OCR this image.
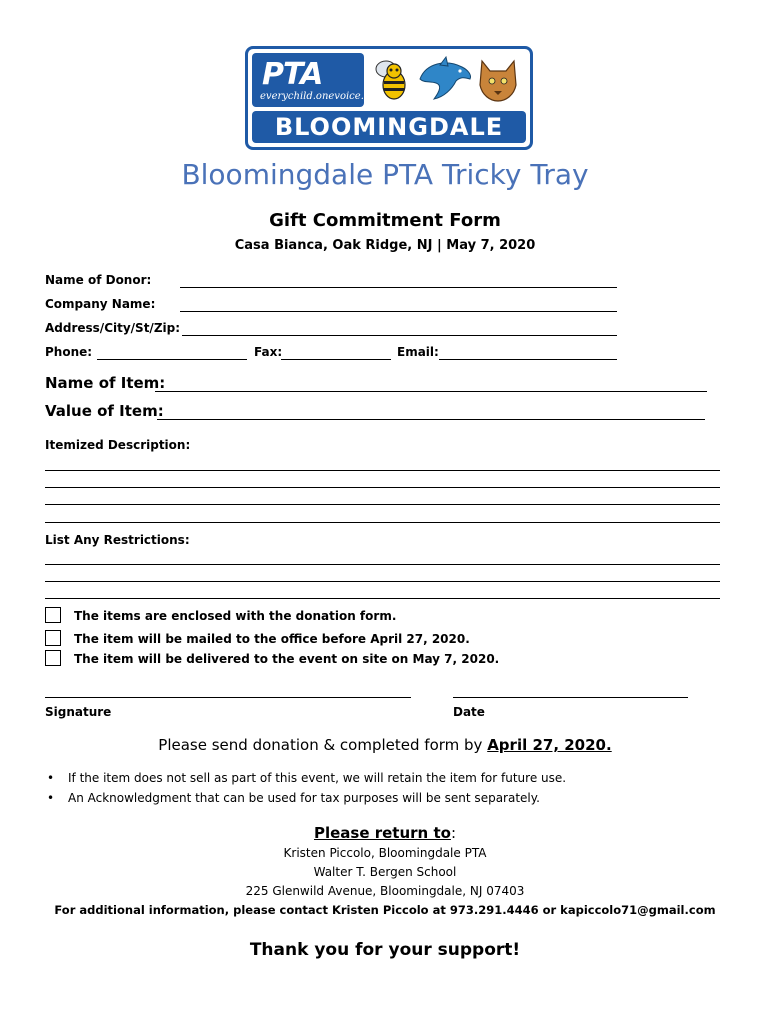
PTA
everychild.onevoice.
BLOOMINGDALE
Bloomingdale PTA Tricky Tray
Gift Commitment Form
Casa Bianca, Oak Ridge, NJ | May 7, 2020
Name of Donor:
Company Name:
Address/City/St/Zip:
Phone:	Fax:	Email:
Name of Item:
Value of Item:
Itemized Description:
List Any Restrictions:
The items are enclosed with the donation form.
The item will be mailed to the office before April 27, 2020.
The item will be delivered to the event on site on May 7, 2020.
Signature	Date
Please send donation & completed form by April 27, 2020.
• If the item does not sell as part of this event, we will retain the item for future use.
• An Acknowledgment that can be used for tax purposes will be sent separately.
Please return to:
Kristen Piccolo, Bloomingdale PTA
Walter T. Bergen School
225 Glenwild Avenue, Bloomingdale, NJ 07403
For additional information, please contact Kristen Piccolo at 973.291.4446 or kapiccolo71@gmail.com
Thank you for your support!
